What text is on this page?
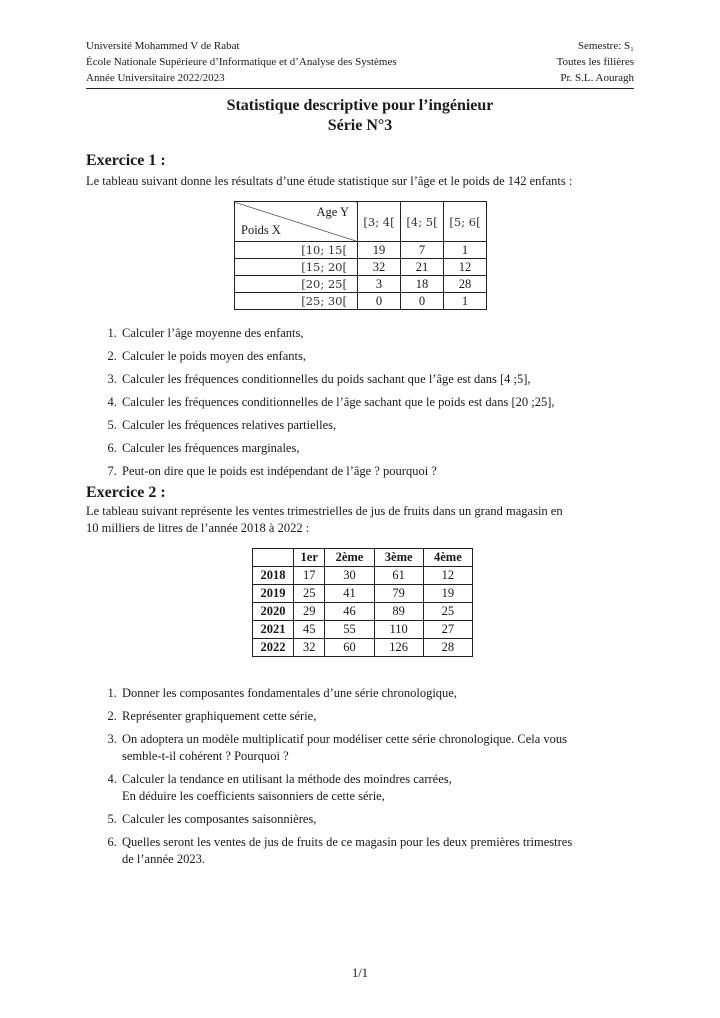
Université Mohammed V de Rabat	Semestre: S₁
École Nationale Supérieure d’Informatique et d’Analyse des Systèmes	Toutes les filières
Année Universitaire 2022/2023	Pr. S.L. Aouragh
Statistique descriptive pour l’ingénieur
Série N°3
Exercice 1 :
Le tableau suivant donne les résultats d’une étude statistique sur l’âge et le poids de 142 enfants :
Age Y
Poids X	[3; 4[	[4; 5[	[5; 6[
[10; 15[	19	7	1
[15; 20[	32	21	12
[20; 25[	3	18	28
[25; 30[	0	0	1
1. Calculer l’âge moyenne des enfants,
2. Calculer le poids moyen des enfants,
3. Calculer les fréquences conditionnelles du poids sachant que l’âge est dans [4 ;5],
4. Calculer les fréquences conditionnelles de l’âge sachant que le poids est dans [20 ;25],
5. Calculer les fréquences relatives partielles,
6. Calculer les fréquences marginales,
7. Peut-on dire que le poids est indépendant de l’âge ? pourquoi ?
Exercice 2 :
Le tableau suivant représente les ventes trimestrielles de jus de fruits dans un grand magasin en
10 milliers de litres de l’année 2018 à 2022 :
	1er	2ème	3ème	4ème
2018	17	30	61	12
2019	25	41	79	19
2020	29	46	89	25
2021	45	55	110	27
2022	32	60	126	28
1. Donner les composantes fondamentales d’une série chronologique,
2. Représenter graphiquement cette série,
3. On adoptera un modèle multiplicatif pour modéliser cette série chronologique. Cela vous
semble-t-il cohérent ? Pourquoi ?
4. Calculer la tendance en utilisant la méthode des moindres carrées,
En déduire les coefficients saisonniers de cette série,
5. Calculer les composantes saisonnières,
6. Quelles seront les ventes de jus de fruits de ce magasin pour les deux premières trimestres
de l’année 2023.
1/1
